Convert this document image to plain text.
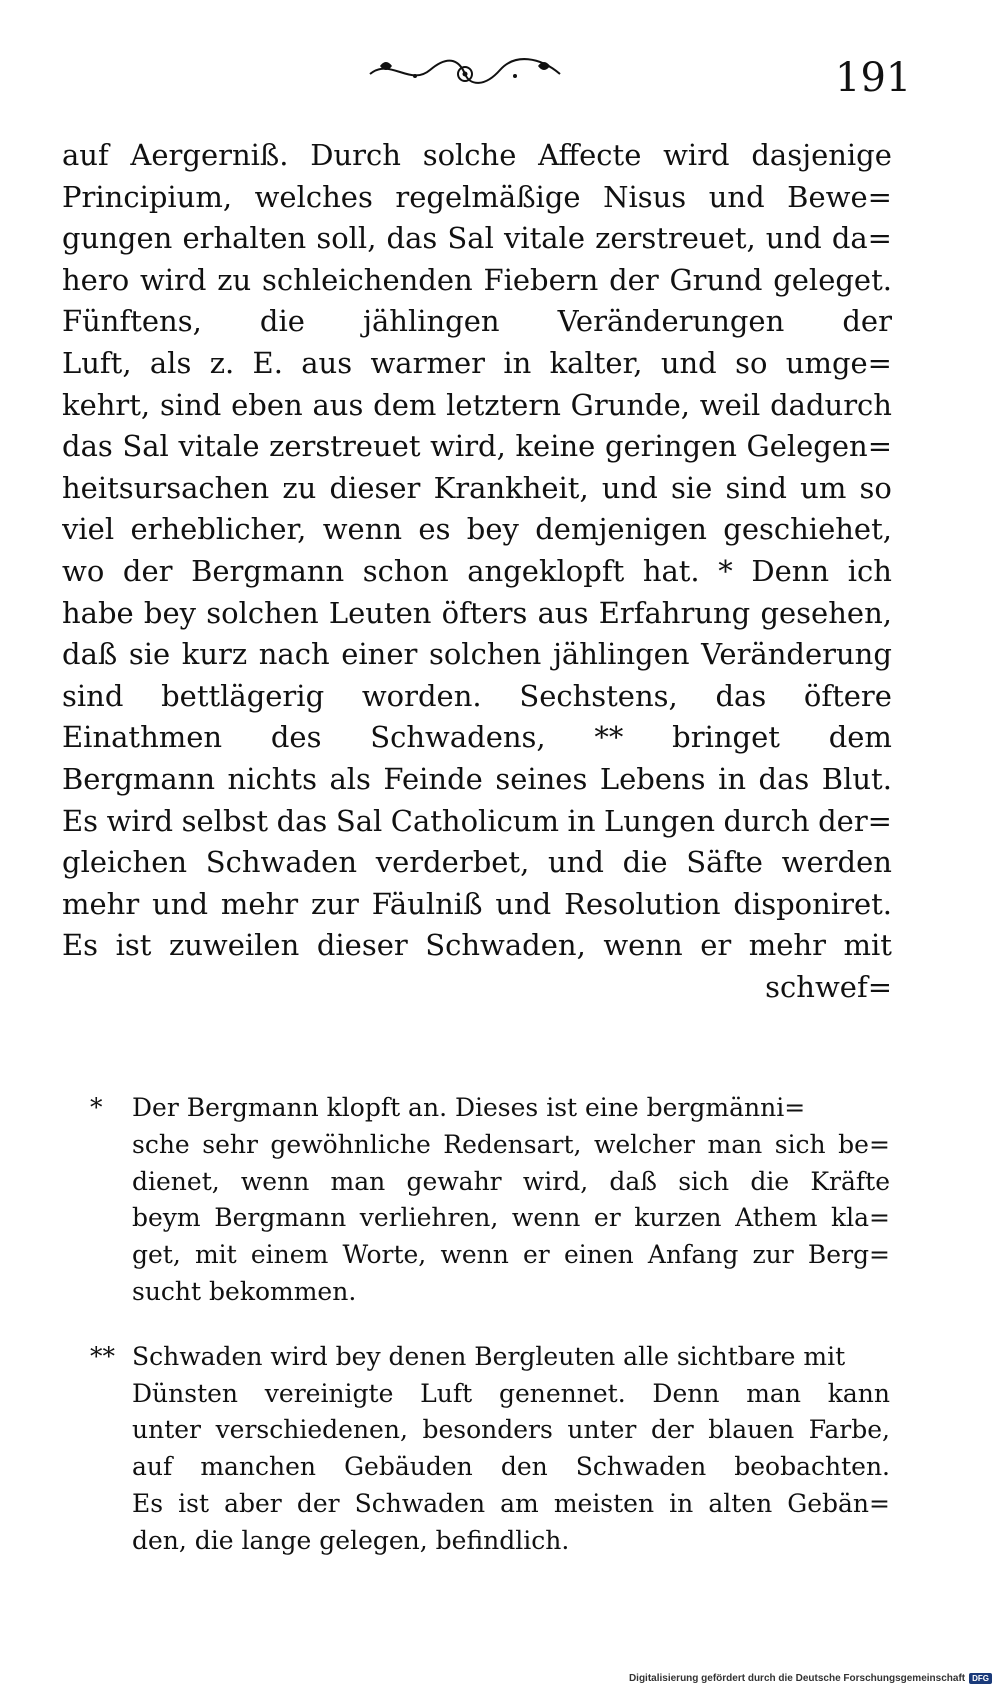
191
auf Aergerniß. Durch solche Affecte wird dasjenige
Principium, welches regelmäßige Nisus und Bewe=
gungen erhalten soll, das Sal vitale zerstreuet, und da=
hero wird zu schleichenden Fiebern der Grund geleget.
Fünftens, die jählingen Veränderungen der
Luft, als z. E. aus warmer in kalter, und so umge=
kehrt, sind eben aus dem letztern Grunde, weil dadurch
das Sal vitale zerstreuet wird, keine geringen Gelegen=
heitsursachen zu dieser Krankheit, und sie sind um so
viel erheblicher, wenn es bey demjenigen geschiehet,
wo der Bergmann schon angeklopft hat. * Denn ich
habe bey solchen Leuten öfters aus Erfahrung gesehen,
daß sie kurz nach einer solchen jählingen Veränderung
sind bettlägerig worden. Sechstens, das öftere
Einathmen des Schwadens, ** bringet dem
Bergmann nichts als Feinde seines Lebens in das Blut.
Es wird selbst das Sal Catholicum in Lungen durch der=
gleichen Schwaden verderbet, und die Säfte werden
mehr und mehr zur Fäulniß und Resolution disponiret.
Es ist zuweilen dieser Schwaden, wenn er mehr mit
schwef=
*	Der Bergmann klopft an. Dieses ist eine bergmänni=
sche sehr gewöhnliche Redensart, welcher man sich be=
dienet, wenn man gewahr wird, daß sich die Kräfte
beym Bergmann verliehren, wenn er kurzen Athem kla=
get, mit einem Worte, wenn er einen Anfang zur Berg=
sucht bekommen.
** Schwaden wird bey denen Bergleuten alle sichtbare mit
Dünsten vereinigte Luft genennet. Denn man kann
unter verschiedenen, besonders unter der blauen Farbe,
auf manchen Gebäuden den Schwaden beobachten.
Es ist aber der Schwaden am meisten in alten Gebän=
den, die lange gelegen, befindlich.
Digitalisierung gefördert durch die Deutsche Forschungsgemeinschaft DFG
